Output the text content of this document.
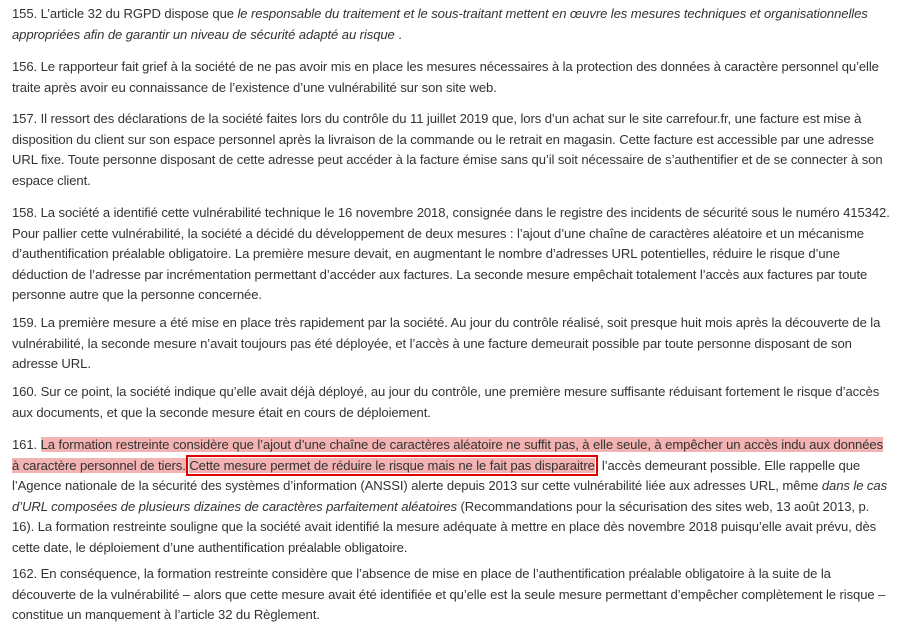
155. L’article 32 du RGPD dispose que le responsable du traitement et le sous-traitant mettent en œuvre les mesures techniques et organisationnelles appropriées afin de garantir un niveau de sécurité adapté au risque .

156. Le rapporteur fait grief à la société de ne pas avoir mis en place les mesures nécessaires à la protection des données à caractère personnel qu’elle traite après avoir eu connaissance de l’existence d’une vulnérabilité sur son site web.

157. Il ressort des déclarations de la société faites lors du contrôle du 11 juillet 2019 que, lors d’un achat sur le site carrefour.fr, une facture est mise à disposition du client sur son espace personnel après la livraison de la commande ou le retrait en magasin. Cette facture est accessible par une adresse URL fixe. Toute personne disposant de cette adresse peut accéder à la facture émise sans qu’il soit nécessaire de s’authentifier et de se connecter à son espace client.

158. La société a identifié cette vulnérabilité technique le 16 novembre 2018, consignée dans le registre des incidents de sécurité sous le numéro 415342. Pour pallier cette vulnérabilité, la société a décidé du développement de deux mesures : l’ajout d’une chaîne de caractères aléatoire et un mécanisme d’authentification préalable obligatoire. La première mesure devait, en augmentant le nombre d’adresses URL potentielles, réduire le risque d’une déduction de l’adresse par incrémentation permettant d’accéder aux factures. La seconde mesure empêchait totalement l’accès aux factures par toute personne autre que la personne concernée.

159. La première mesure a été mise en place très rapidement par la société. Au jour du contrôle réalisé, soit presque huit mois après la découverte de la vulnérabilité, la seconde mesure n’avait toujours pas été déployée, et l’accès à une facture demeurait possible par toute personne disposant de son adresse URL.

160. Sur ce point, la société indique qu’elle avait déjà déployé, au jour du contrôle, une première mesure suffisante réduisant fortement le risque d’accès aux documents, et que la seconde mesure était en cours de déploiement.

161. La formation restreinte considère que l’ajout d’une chaîne de caractères aléatoire ne suffit pas, à elle seule, à empêcher un accès indu aux données à caractère personnel de tiers. Cette mesure permet de réduire le risque mais ne le fait pas disparaitre, l’accès demeurant possible. Elle rappelle que l’Agence nationale de la sécurité des systèmes d’information (ANSSI) alerte depuis 2013 sur cette vulnérabilité liée aux adresses URL, même dans le cas d’URL composées de plusieurs dizaines de caractères parfaitement aléatoires (Recommandations pour la sécurisation des sites web, 13 août 2013, p. 16). La formation restreinte souligne que la société avait identifié la mesure adéquate à mettre en place dès novembre 2018 puisqu’elle avait prévu, dès cette date, le déploiement d’une authentification préalable obligatoire.

162. En conséquence, la formation restreinte considère que l’absence de mise en place de l’authentification préalable obligatoire à la suite de la découverte de la vulnérabilité – alors que cette mesure avait été identifiée et qu’elle est la seule mesure permettant d’empêcher complètement le risque – constitue un manquement à l’article 32 du Règlement.
